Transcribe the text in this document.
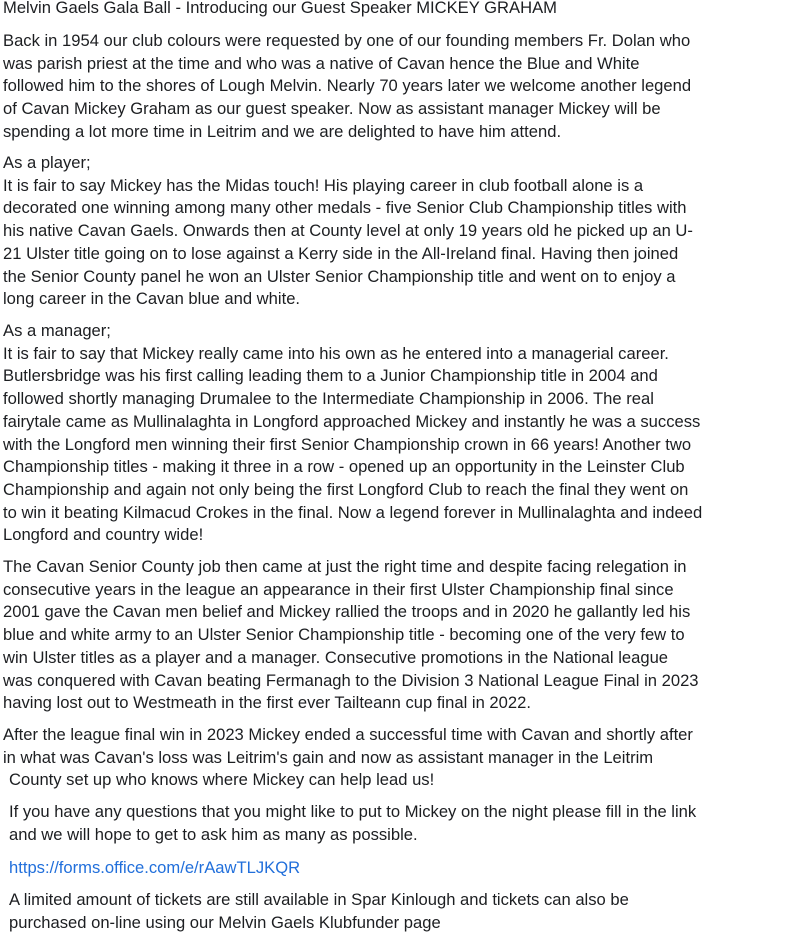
Melvin Gaels Gala Ball - Introducing our Guest Speaker MICKEY GRAHAM

Back in 1954 our club colours were requested by one of our founding members Fr. Dolan who
was parish priest at the time and who was a native of Cavan hence the Blue and White
followed him to the shores of Lough Melvin. Nearly 70 years later we welcome another legend
of Cavan Mickey Graham as our guest speaker. Now as assistant manager Mickey will be
spending a lot more time in Leitrim and we are delighted to have him attend.

As a player;
It is fair to say Mickey has the Midas touch! His playing career in club football alone is a
decorated one winning among many other medals - five Senior Club Championship titles with
his native Cavan Gaels. Onwards then at County level at only 19 years old he picked up an U-
21 Ulster title going on to lose against a Kerry side in the All-Ireland final. Having then joined
the Senior County panel he won an Ulster Senior Championship title and went on to enjoy a
long career in the Cavan blue and white.

As a manager;
It is fair to say that Mickey really came into his own as he entered into a managerial career.
Butlersbridge was his first calling leading them to a Junior Championship title in 2004 and
followed shortly managing Drumalee to the Intermediate Championship in 2006. The real
fairytale came as Mullinalaghta in Longford approached Mickey and instantly he was a success
with the Longford men winning their first Senior Championship crown in 66 years! Another two
Championship titles - making it three in a row - opened up an opportunity in the Leinster Club
Championship and again not only being the first Longford Club to reach the final they went on
to win it beating Kilmacud Crokes in the final. Now a legend forever in Mullinalaghta and indeed
Longford and country wide!

The Cavan Senior County job then came at just the right time and despite facing relegation in
consecutive years in the league an appearance in their first Ulster Championship final since
2001 gave the Cavan men belief and Mickey rallied the troops and in 2020 he gallantly led his
blue and white army to an Ulster Senior Championship title - becoming one of the very few to
win Ulster titles as a player and a manager. Consecutive promotions in the National league
was conquered with Cavan beating Fermanagh to the Division 3 National League Final in 2023
having lost out to Westmeath in the first ever Tailteann cup final in 2022.

After the league final win in 2023 Mickey ended a successful time with Cavan and shortly after
in what was Cavan's loss was Leitrim's gain and now as assistant manager in the Leitrim
County set up who knows where Mickey can help lead us!

If you have any questions that you might like to put to Mickey on the night please fill in the link
and we will hope to get to ask him as many as possible.

https://forms.office.com/e/rAawTLJKQR

A limited amount of tickets are still available in Spar Kinlough and tickets can also be
purchased on-line using our Melvin Gaels Klubfunder page
